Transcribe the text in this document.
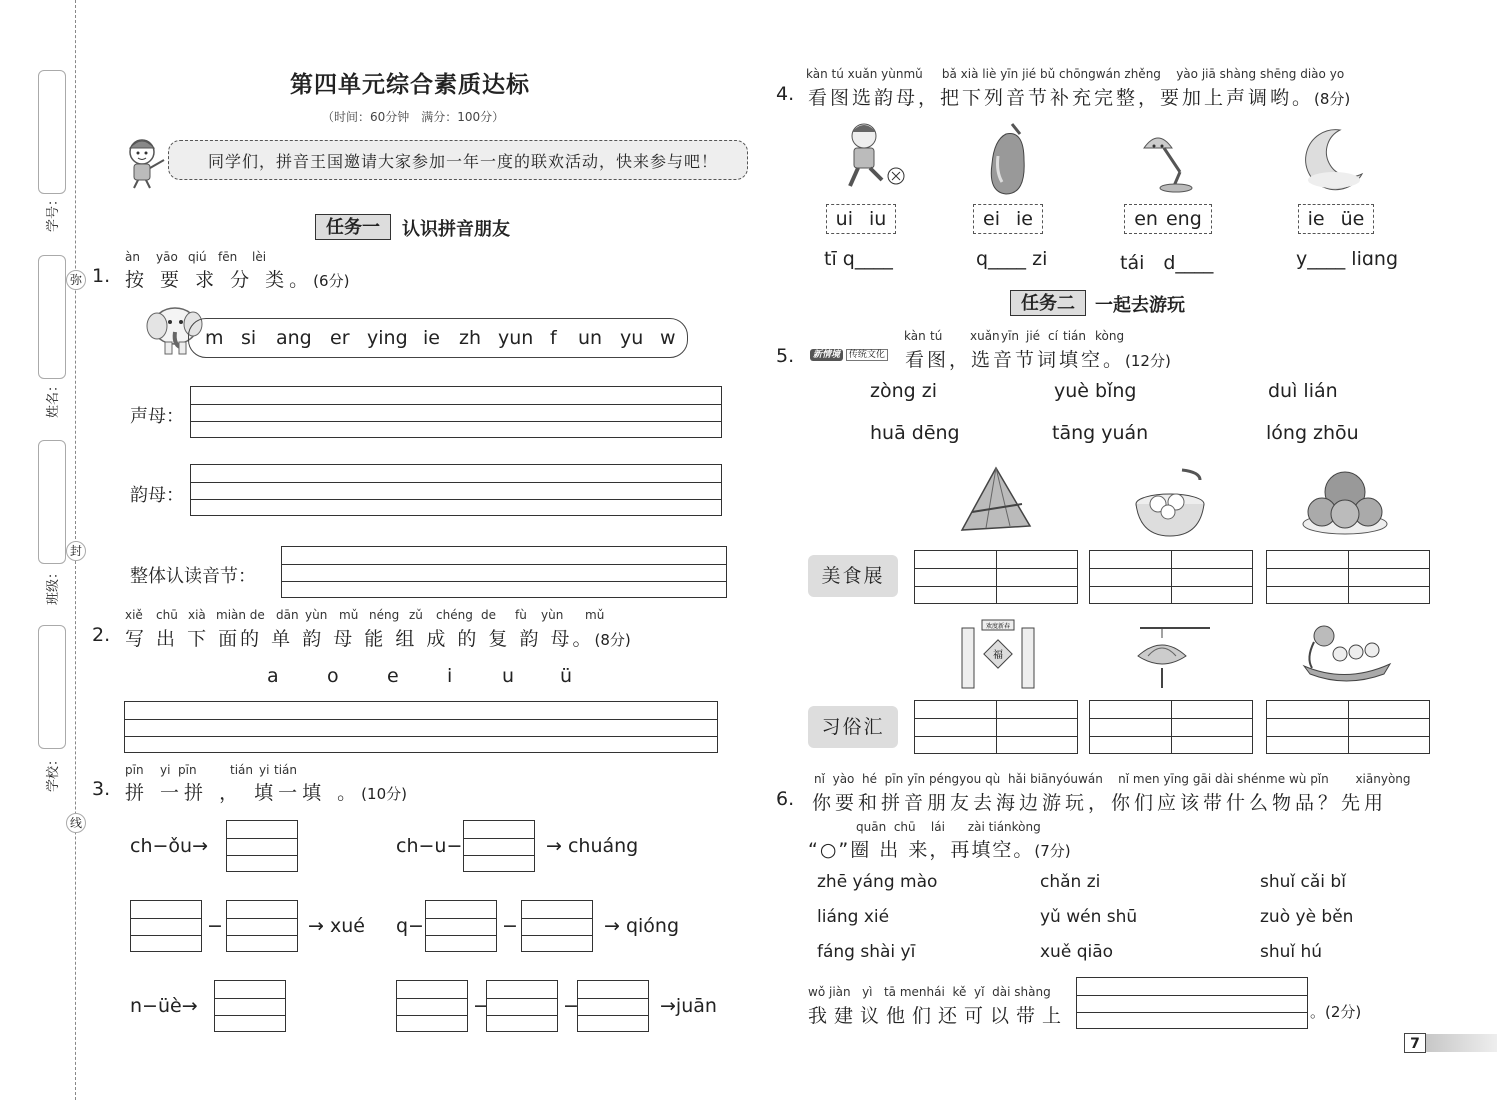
学号：
姓名：
班级：
学校：
弥
封
线
第四单元综合素质达标
（时间：60分钟　满分：100分）
同学们，拼音王国邀请大家参加一年一度的联欢活动，快来参与吧！
任务一	认识拼音朋友
àn yāo qiú fēn lèi
1. 按 要 求 分 类。(6分)
m si ang er ying ie zh yun f un yu w
声母：
韵母：
整体认读音节：
xiě chū xià miàn de dān yùn mǔ néng zǔ chéng de fù yùn mǔ
2. 写 出 下 面的 单 韵 母 能 组 成 的 复 韵 母。(8分)
a	o	e	i	u ü
pīn yi pīn	tián yi tián
3. 拼 一拼 ， 填一填 。(10分)
ch−ǒu→	ch−u−	→ chuáng
−	→ xué q−	−	→ qióng
n−üè→	−	−	→juān
kàn tú xuǎn yùnmǔ bǎ xià liè yīn jié bǔ chōngwán zhěng yào jiā shàng shēng diào yo
4. 看图选韵母，把下列音节补充完整，要加上声调哟。(8分)
ui iu	ei ie	en eng	ie üe
tī q____	q____ zi	tái　d____	y____ liɑng
任务二	一起去游玩
kàn tú xuǎn yīn jié cí tián kòng
5.	新情境 传统文化 看图，选音节词填空。(12分)
zòng zi	yuè bǐng	duì lián
huā dēng	tāng yuán	lóng zhōu
美食展
欢度新春
福
习俗汇
nǐ yào hé pīn yīn péngyou qù hǎi biānyóuwán nǐ men yīng gāi dài shénme wù pǐn xiānyòng
6. 你要和拼音朋友去海边游玩，你们应该带什么物品？先用
quān chū lái zài tiánkòng
“○”圈 出 来，再填空。(7分)
zhē yáng mào	chǎn zi	shuǐ cǎi bǐ
liáng xié	yǔ wén shū	zuò yè běn
fáng shài yī	xuě qiāo	shuǐ hú
wǒ jiàn yì tā menhái kě yǐ dài shàng
我建议他们还可以带上	。(2分)
7
